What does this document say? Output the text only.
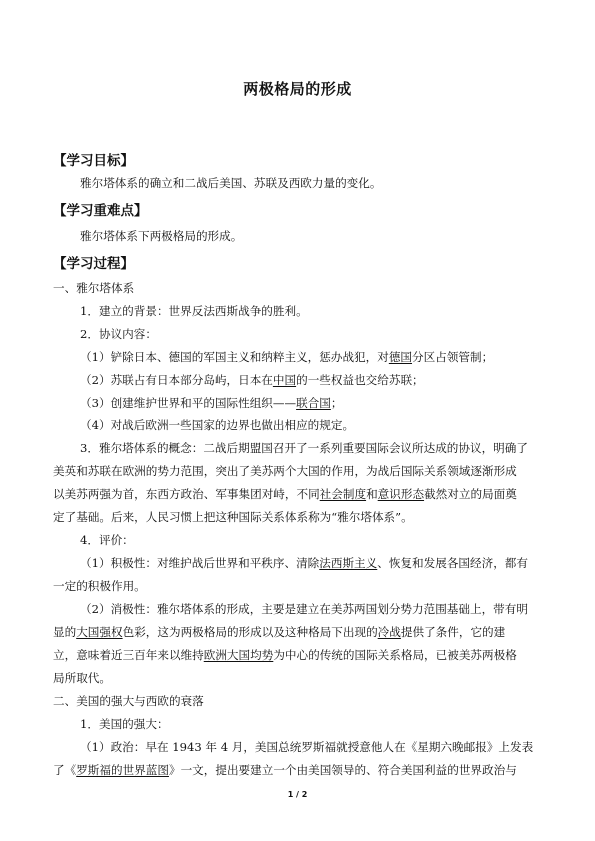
两极格局的形成
【学习目标】
雅尔塔体系的确立和二战后美国、苏联及西欧力量的变化。
【学习重难点】
雅尔塔体系下两极格局的形成。
【学习过程】
一、雅尔塔体系
1．建立的背景：世界反法西斯战争的胜利。
2．协议内容：
（1）铲除日本、德国的军国主义和纳粹主义，惩办战犯，对德国分区占领管制；
（2）苏联占有日本部分岛屿，日本在中国的一些权益也交给苏联；
（3）创建维护世界和平的国际性组织——联合国；
（4）对战后欧洲一些国家的边界也做出相应的规定。
3．雅尔塔体系的概念：二战后期盟国召开了一系列重要国际会议所达成的协议，明确了
美英和苏联在欧洲的势力范围，突出了美苏两个大国的作用，为战后国际关系领域逐渐形成
以美苏两强为首，东西方政治、军事集团对峙，不同社会制度和意识形态截然对立的局面奠
定了基础。后来，人民习惯上把这种国际关系体系称为“雅尔塔体系”。
4．评价：
（1）积极性：对维护战后世界和平秩序、清除法西斯主义、恢复和发展各国经济，都有
一定的积极作用。
（2）消极性：雅尔塔体系的形成，主要是建立在美苏两国划分势力范围基础上，带有明
显的大国强权色彩，这为两极格局的形成以及这种格局下出现的冷战提供了条件，它的建
立，意味着近三百年来以维持欧洲大国均势为中心的传统的国际关系格局，已被美苏两极格
局所取代。
二、美国的强大与西欧的衰落
1．美国的强大：
（1）政治：早在 1943 年 4 月，美国总统罗斯福就授意他人在《星期六晚邮报》上发表
了《罗斯福的世界蓝图》一文，提出要建立一个由美国领导的、符合美国利益的世界政治与
1 / 2
